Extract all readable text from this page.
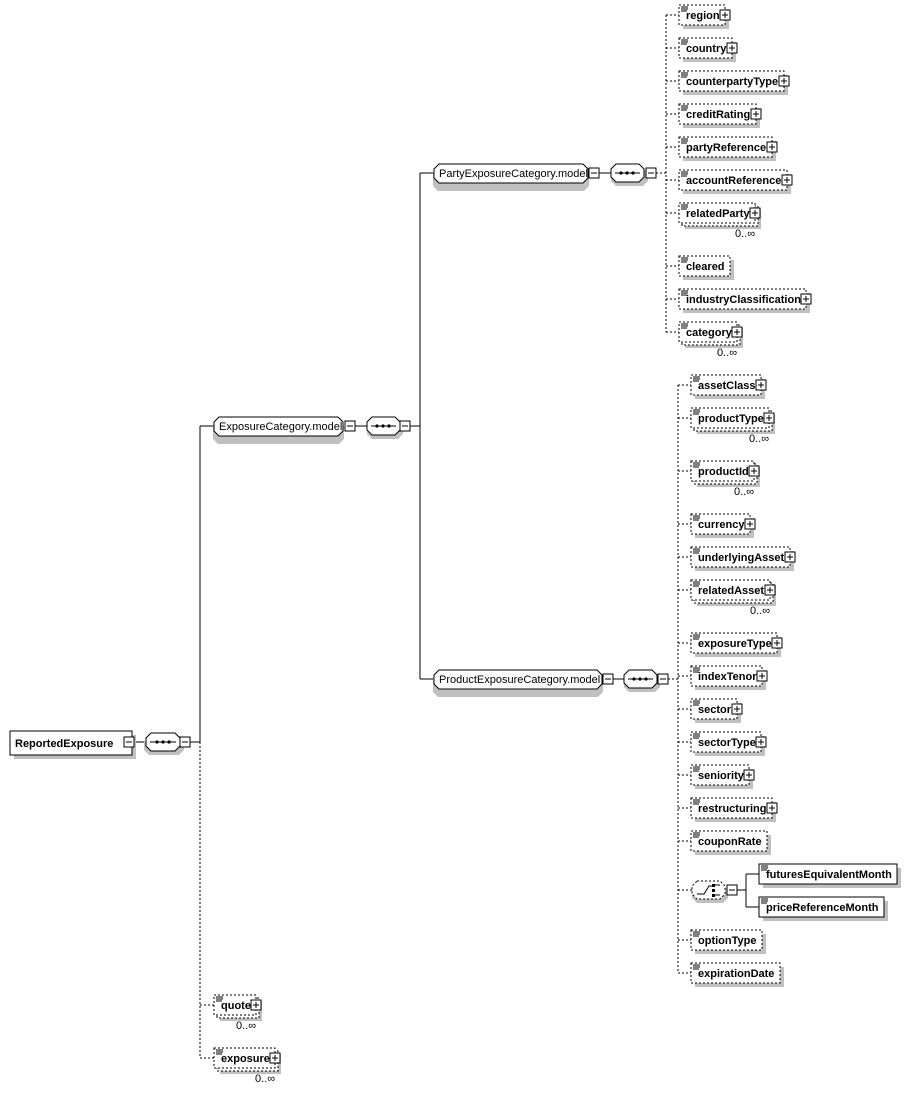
ReportedExposure
ExposureCategory.model
PartyExposureCategory.model
ProductExposureCategory.model
region
country
counterpartyType
creditRating
partyReference
accountReference
relatedParty
0..∞
cleared
industryClassification
category
0..∞
assetClass
productType
0..∞
productId
0..∞
currency
underlyingAsset
relatedAsset
0..∞
exposureType
indexTenor
sector
sectorType
seniority
restructuring
couponRate
optionType
expirationDate
futuresEquivalentMonth
priceReferenceMonth
quote
0..∞
exposure
0..∞
